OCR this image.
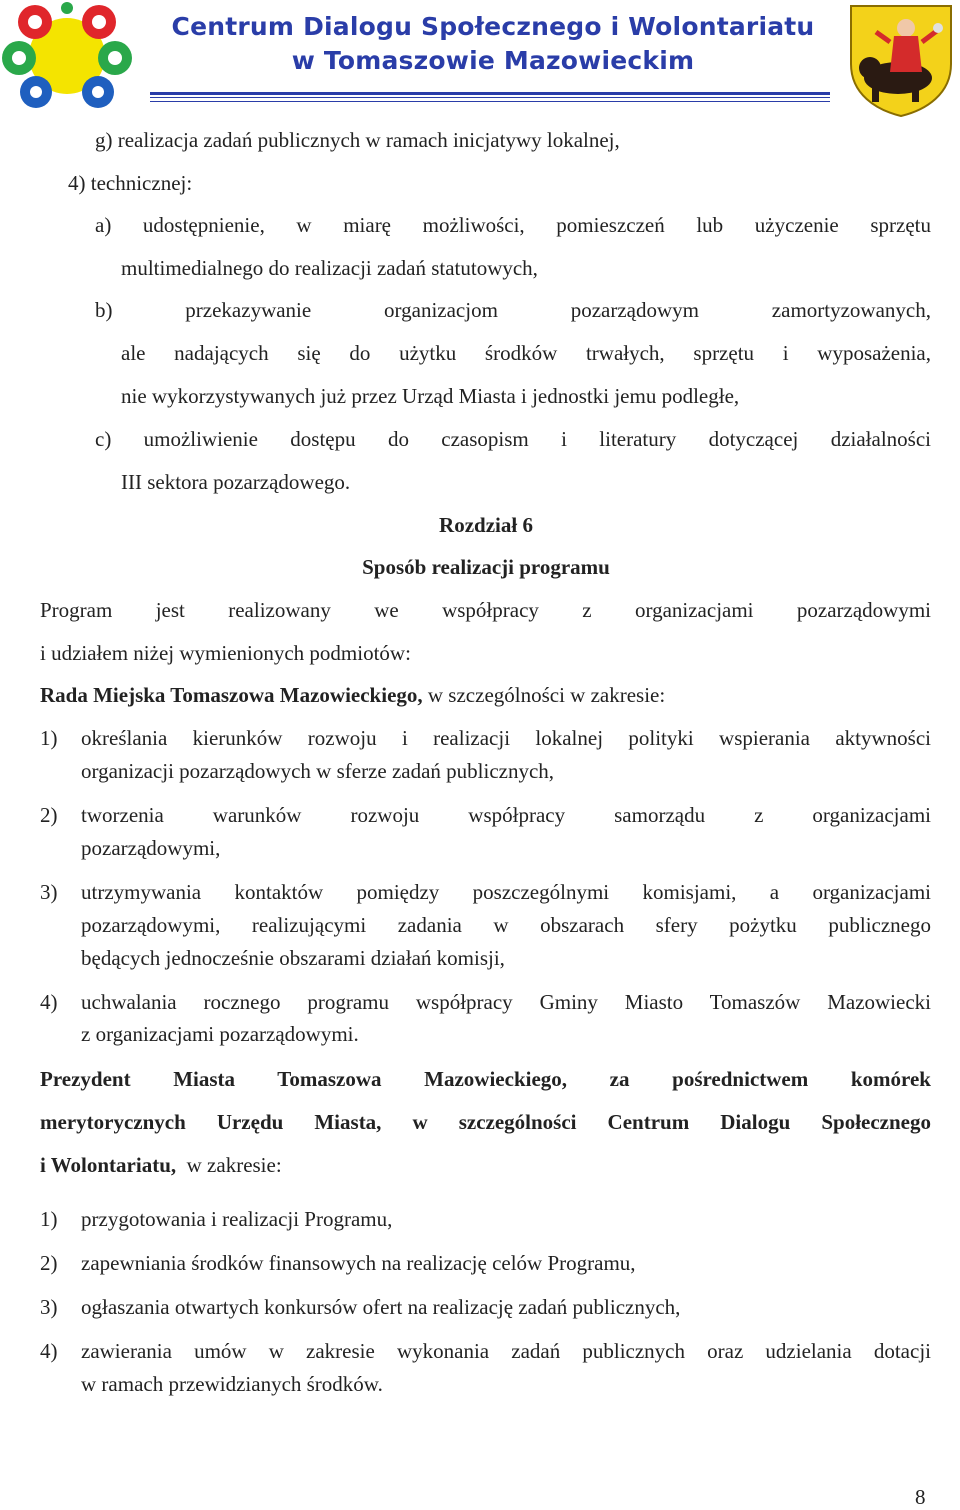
Centrum Dialogu Społecznego i Wolontariatu
w Tomaszowie Mazowieckim
g) realizacja zadań publicznych w ramach inicjatywy lokalnej,
4) technicznej:
a) udostępnienie, w miarę możliwości, pomieszczeń lub użyczenie sprzętu
multimedialnego do realizacji zadań statutowych,
b) przekazywanie organizacjom pozarządowym zamortyzowanych,
ale nadających się do użytku środków trwałych, sprzętu i wyposażenia,
nie wykorzystywanych już przez Urząd Miasta i jednostki jemu podległe,
c) umożliwienie dostępu do czasopism i literatury dotyczącej działalności
III sektora pozarządowego.
Rozdział 6
Sposób realizacji programu
Program jest realizowany we współpracy z organizacjami pozarządowymi
i udziałem niżej wymienionych podmiotów:
Rada Miejska Tomaszowa Mazowieckiego, w szczególności w zakresie:
1) określania kierunków rozwoju i realizacji lokalnej polityki wspierania aktywności
organizacji pozarządowych w sferze zadań publicznych,
2) tworzenia warunków rozwoju współpracy samorządu z organizacjami
pozarządowymi,
3) utrzymywania kontaktów pomiędzy poszczególnymi komisjami, a organizacjami
pozarządowymi, realizującymi zadania w obszarach sfery pożytku publicznego
będących jednocześnie obszarami działań komisji,
4) uchwalania rocznego programu współpracy Gminy Miasto Tomaszów Mazowiecki
z organizacjami pozarządowymi.
Prezydent Miasta Tomaszowa Mazowieckiego, za pośrednictwem komórek
merytorycznych Urzędu Miasta, w szczególności Centrum Dialogu Społecznego
i Wolontariatu,  w zakresie:
1) przygotowania i realizacji Programu,
2) zapewniania środków finansowych na realizację celów Programu,
3) ogłaszania otwartych konkursów ofert na realizację zadań publicznych,
4) zawierania umów w zakresie wykonania zadań publicznych oraz udzielania dotacji
w ramach przewidzianych środków.
8
